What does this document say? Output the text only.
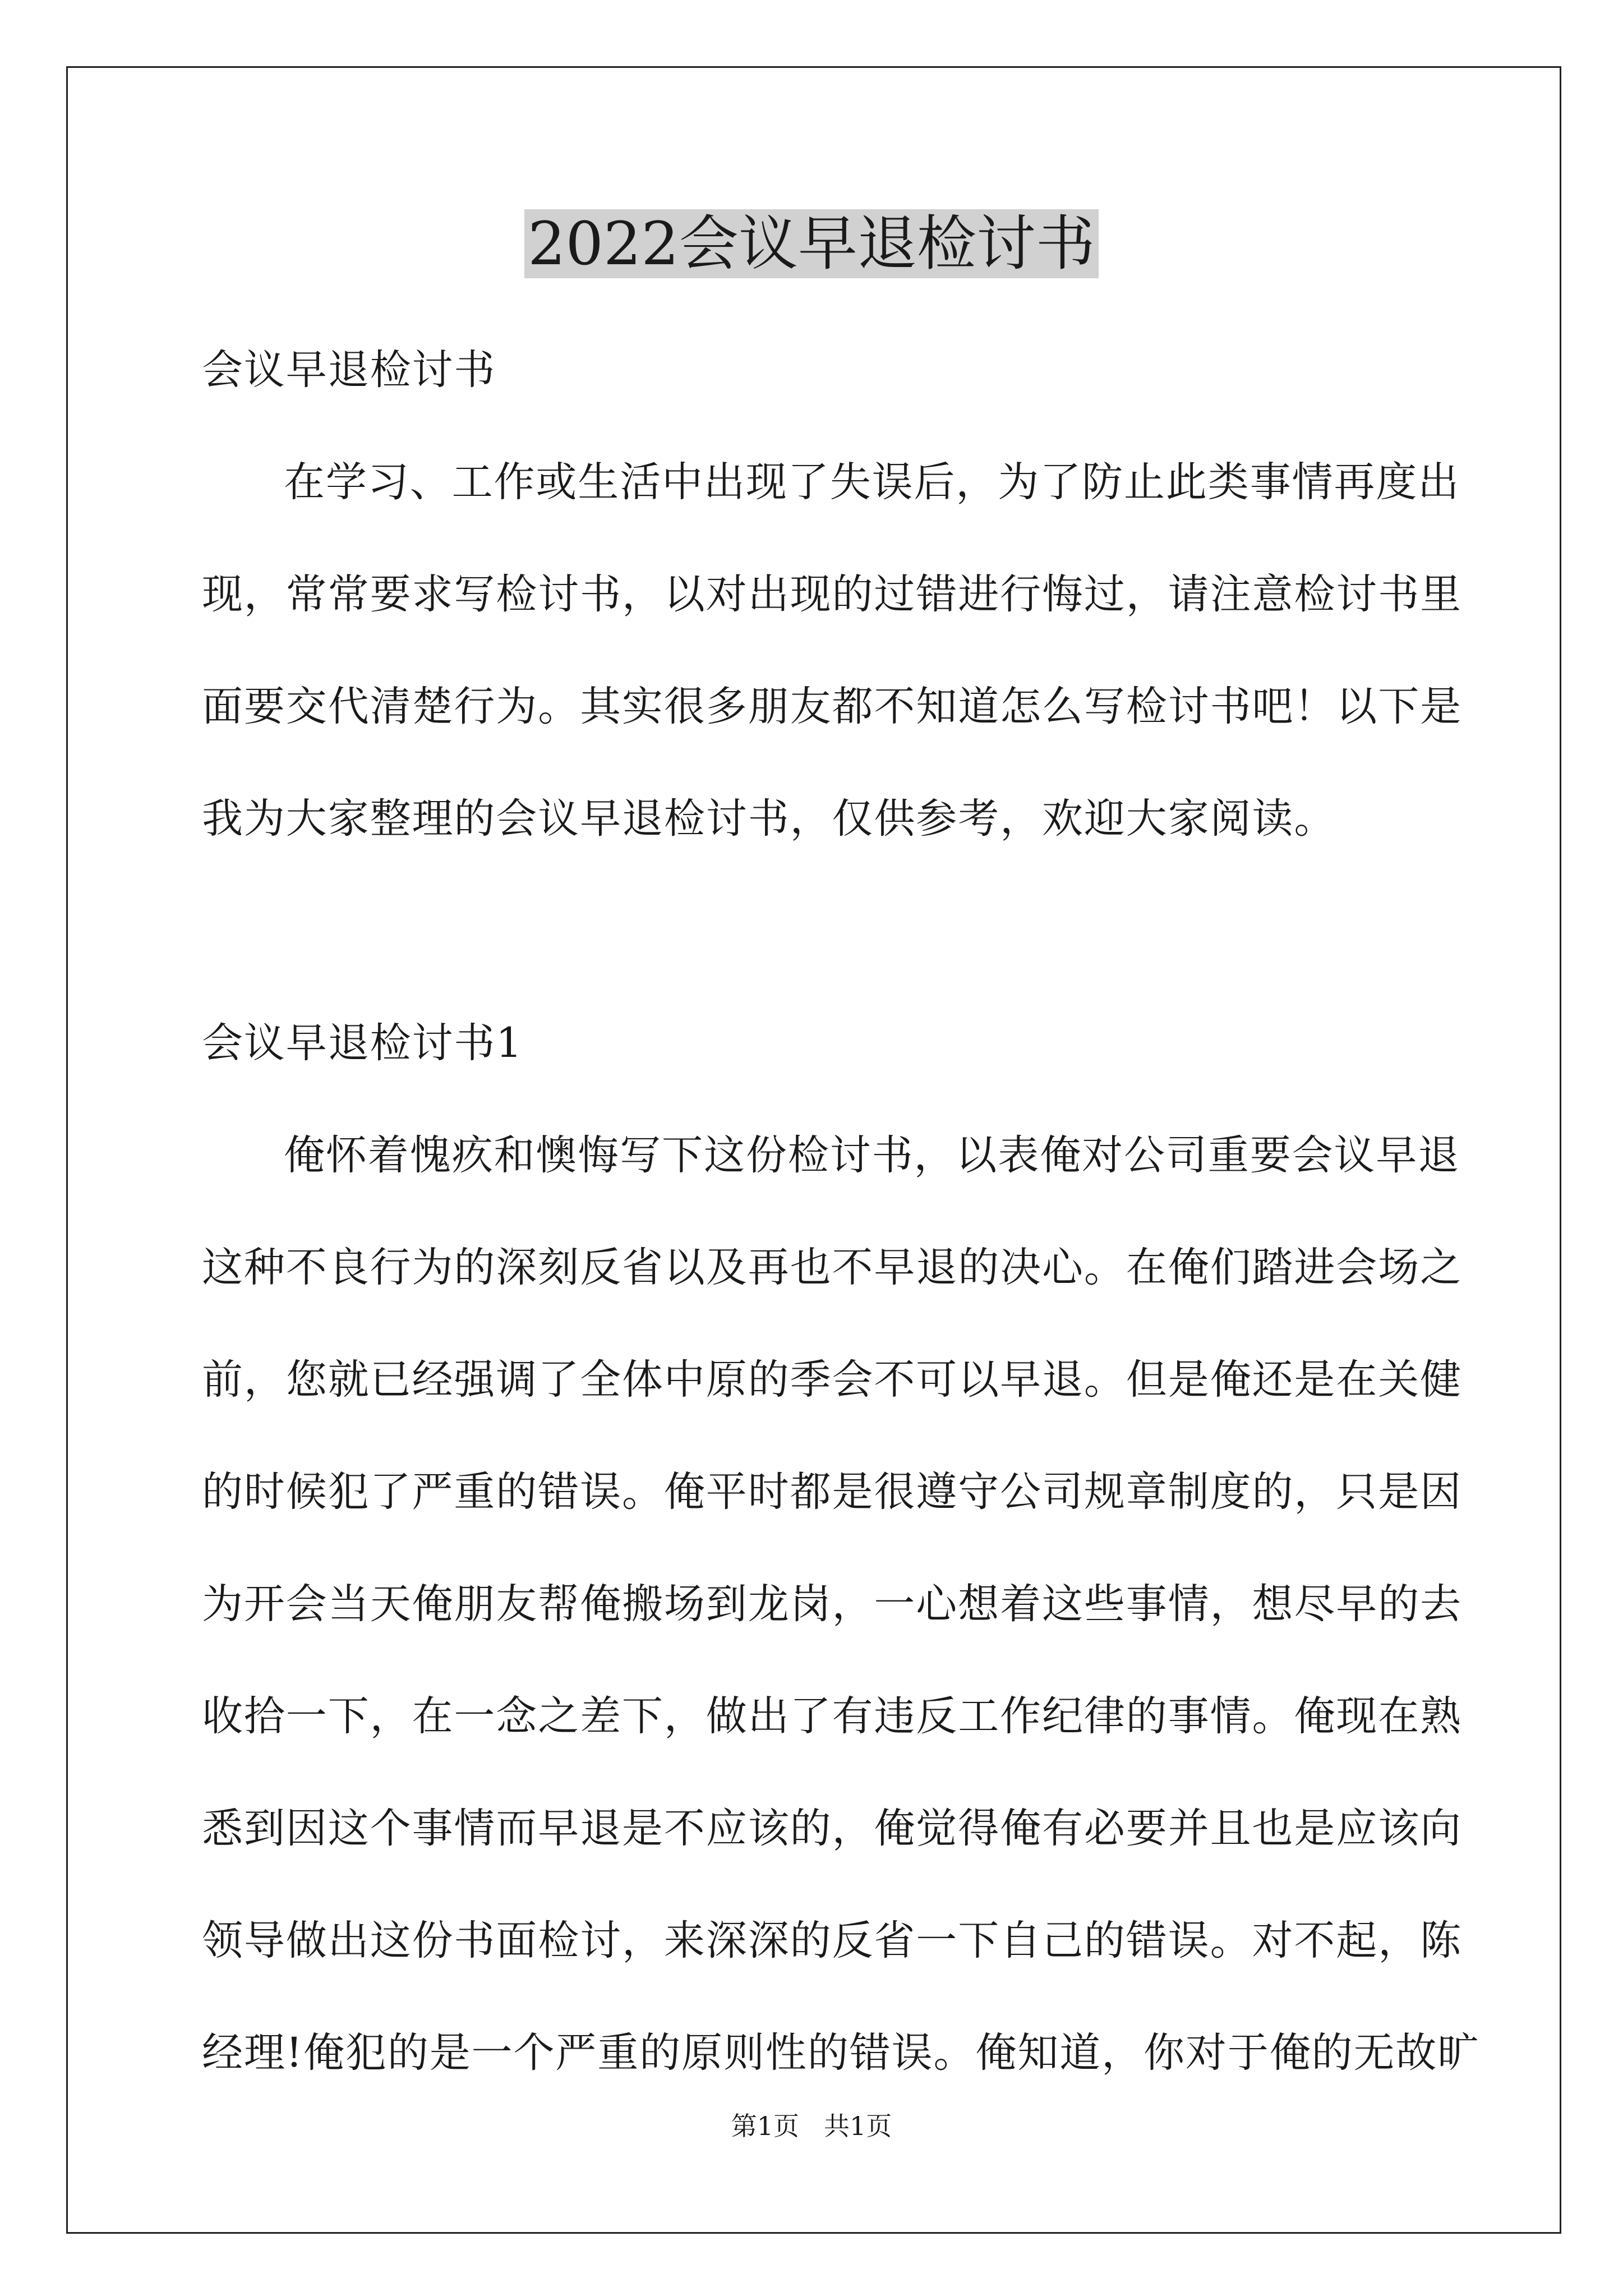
2022会议早退检讨书
会议早退检讨书
在学习、工作或生活中出现了失误后，为了防止此类事情再度出
现，常常要求写检讨书，以对出现的过错进行悔过，请注意检讨书里
面要交代清楚行为。其实很多朋友都不知道怎么写检讨书吧！以下是
我为大家整理的会议早退检讨书，仅供参考，欢迎大家阅读。
会议早退检讨书1
俺怀着愧疚和懊悔写下这份检讨书，以表俺对公司重要会议早退
这种不良行为的深刻反省以及再也不早退的决心。在俺们踏进会场之
前，您就已经强调了全体中原的季会不可以早退。但是俺还是在关健
的时候犯了严重的错误。俺平时都是很遵守公司规章制度的，只是因
为开会当天俺朋友帮俺搬场到龙岗，一心想着这些事情，想尽早的去
收拾一下，在一念之差下，做出了有违反工作纪律的事情。俺现在熟
悉到因这个事情而早退是不应该的，俺觉得俺有必要并且也是应该向
领导做出这份书面检讨，来深深的反省一下自己的错误。对不起，陈
经理!俺犯的是一个严重的原则性的错误。俺知道，你对于俺的无故旷
第1页 共1页
